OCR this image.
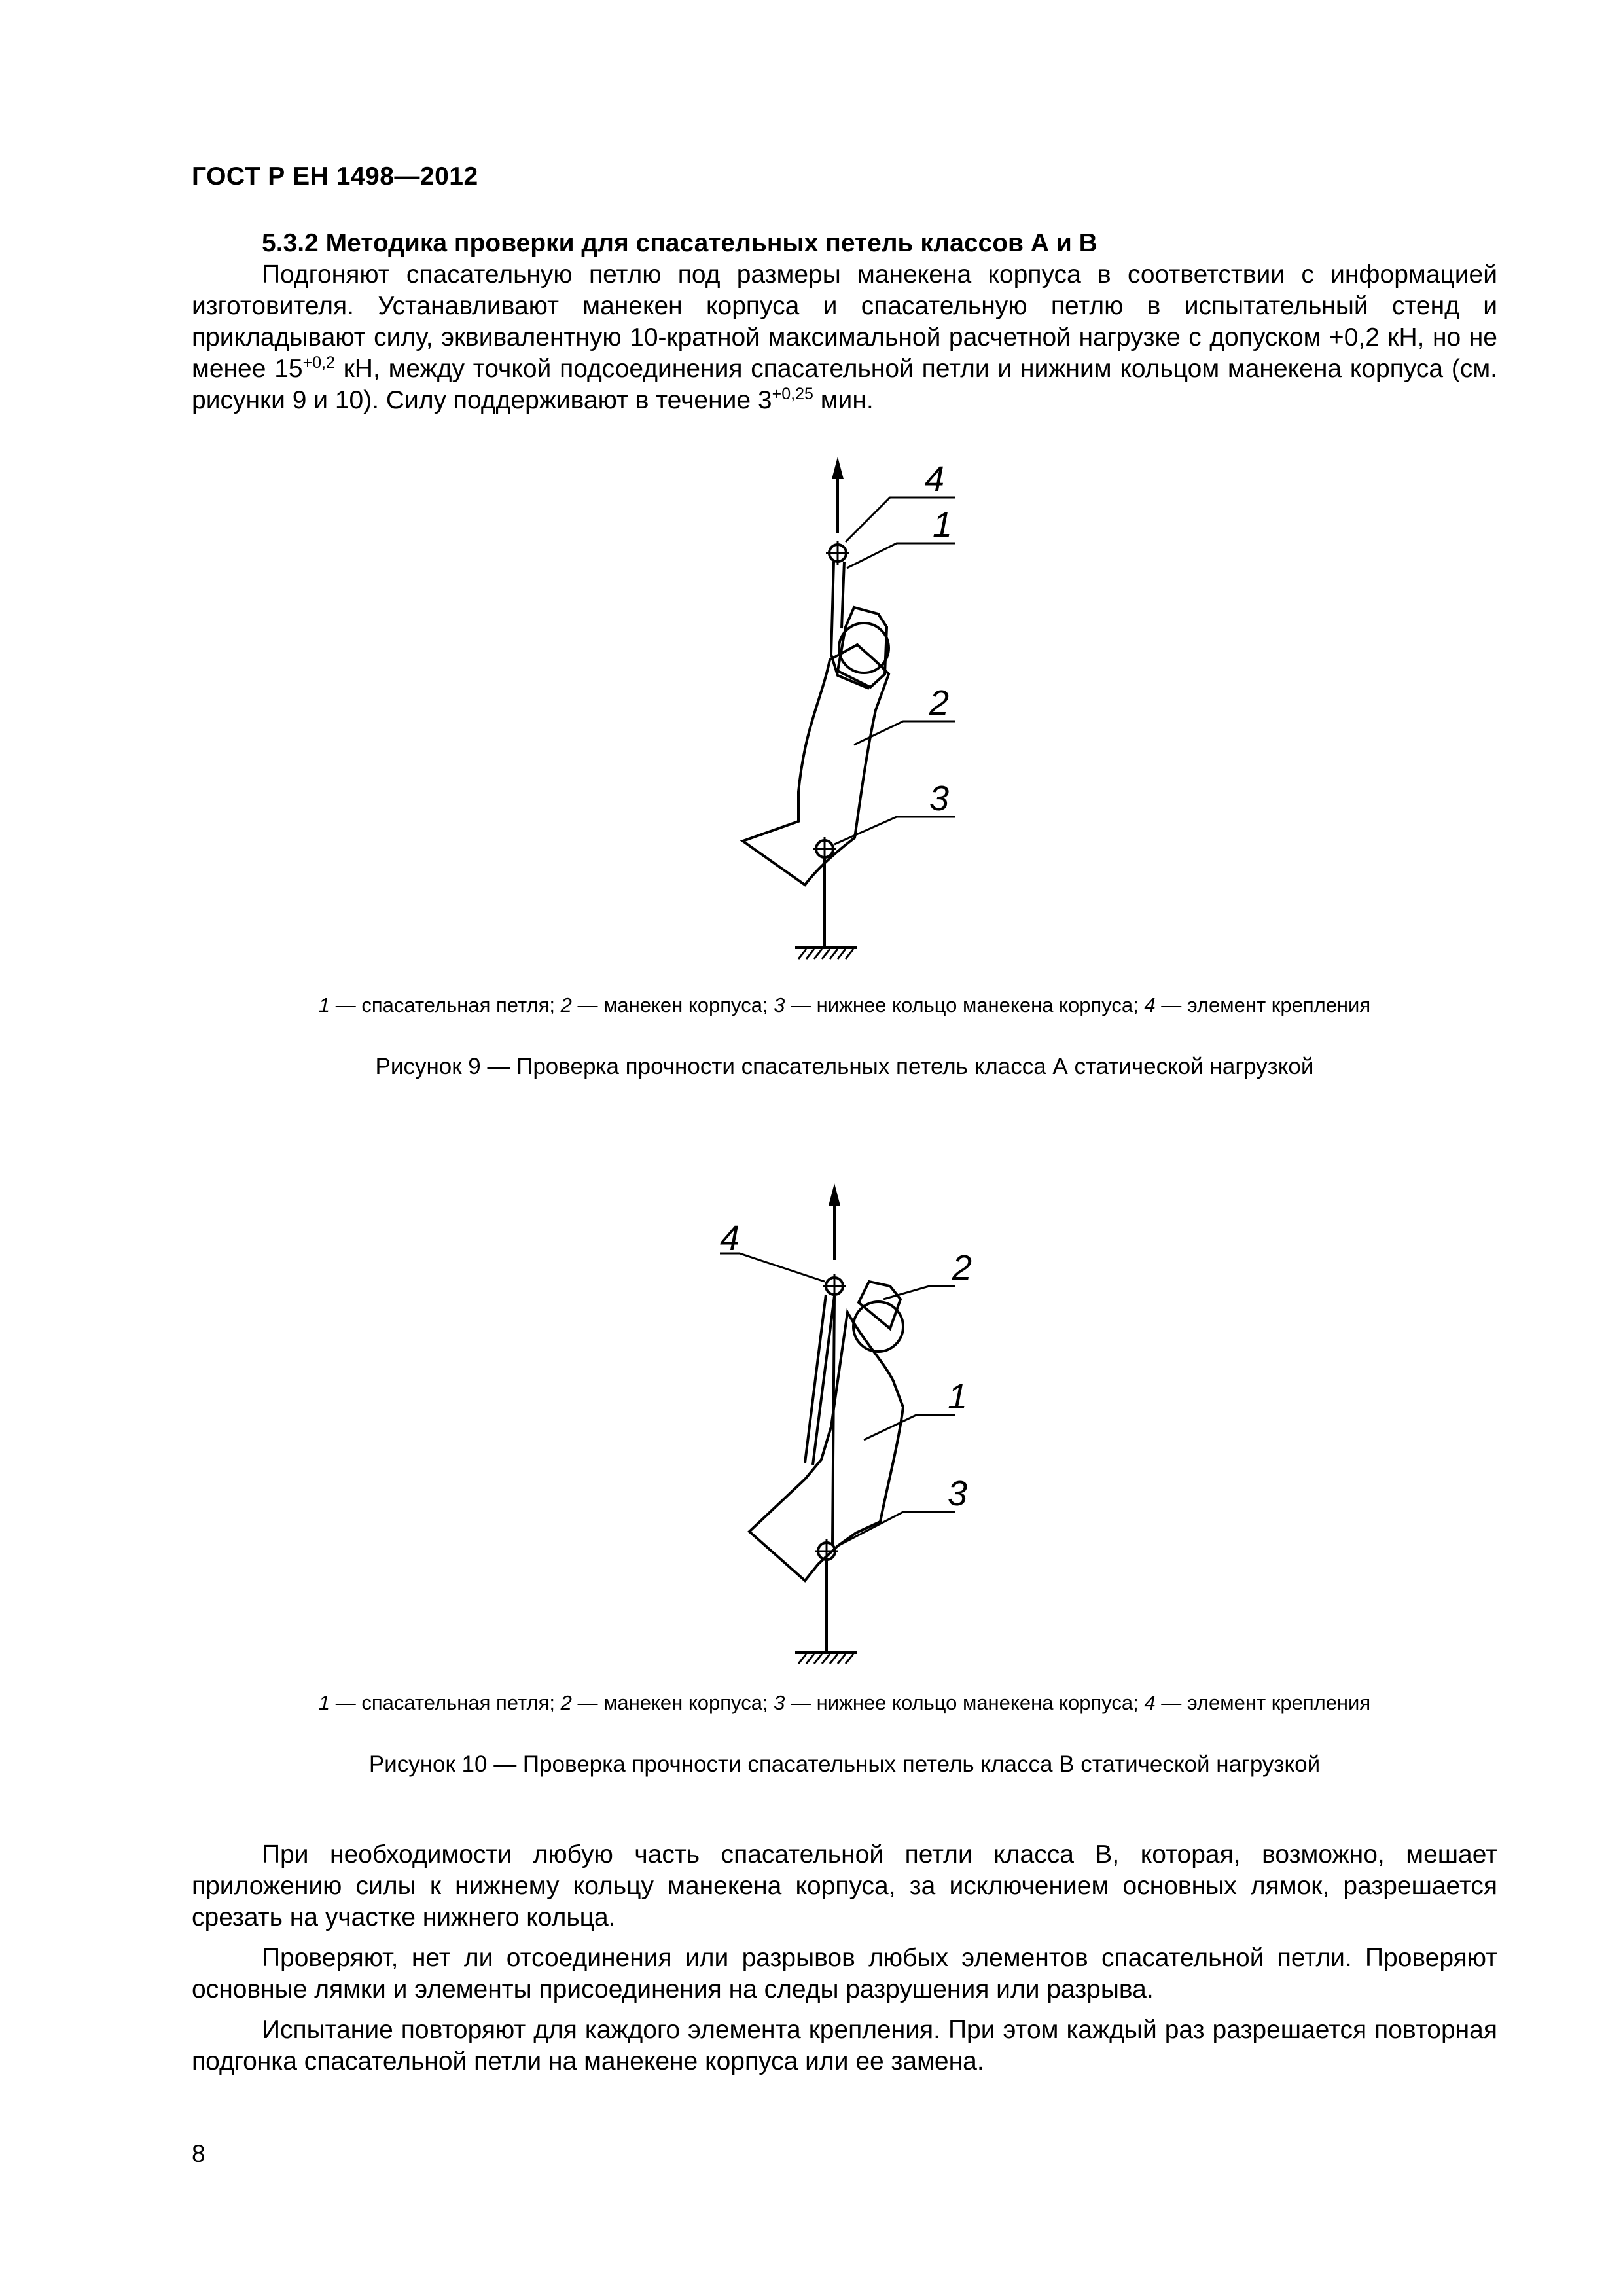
ГОСТ Р ЕН 1498—2012

5.3.2 Методика проверки для спасательных петель классов А и В

Подгоняют спасательную петлю под размеры манекена корпуса в соответствии с информацией изготовителя. Устанавливают манекен корпуса и спасательную петлю в испытательный стенд и прикладывают силу, эквивалентную 10-кратной максимальной расчетной нагрузке с допуском +0,2 кН, но не менее $15^{+0,2}$ кН, между точкой подсоединения спасательной петли и нижним кольцом манекена корпуса (см. рисунки 9 и 10). Силу поддерживают в течение $3^{+0,25}$ мин.

4
1
2
3
1 — спасательная петля; 2 — манекен корпуса; 3 — нижнее кольцо манекена корпуса; 4 — элемент крепления
Рисунок 9 — Проверка прочности спасательных петель класса А статической нагрузкой
4
2
1
3
1 — спасательная петля; 2 — манекен корпуса; 3 — нижнее кольцо манекена корпуса; 4 — элемент крепления
Рисунок 10 — Проверка прочности спасательных петель класса В статической нагрузкой

При необходимости любую часть спасательной петли класса В, которая, возможно, мешает приложению силы к нижнему кольцу манекена корпуса, за исключением основных лямок, разрешается срезать на участке нижнего кольца.

Проверяют, нет ли отсоединения или разрывов любых элементов спасательной петли. Проверяют основные лямки и элементы присоединения на следы разрушения или разрыва.

Испытание повторяют для каждого элемента крепления. При этом каждый раз разрешается повторная подгонка спасательной петли на манекене корпуса или ее замена.

8
